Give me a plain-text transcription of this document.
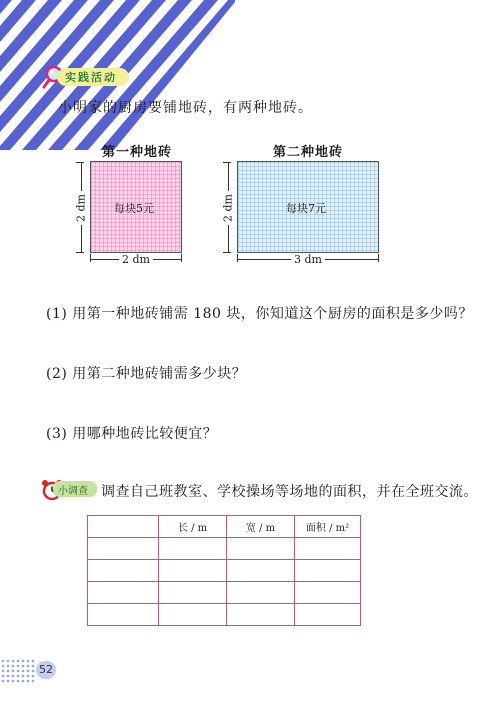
实践活动
小明家的厨房要铺地砖，有两种地砖。
第一种地砖
每块5元
2 dm
2 dm
第二种地砖
每块7元
2 dm
3 dm
(1) 用第一种地砖铺需 180 块，你知道这个厨房的面积是多少吗？
(2) 用第二种地砖铺需多少块？
(3) 用哪种地砖比较便宜？
小调查 调查自己班教室、学校操场等场地的面积，并在全班交流。
	长 / m	宽 / m	面积 / m²

52
